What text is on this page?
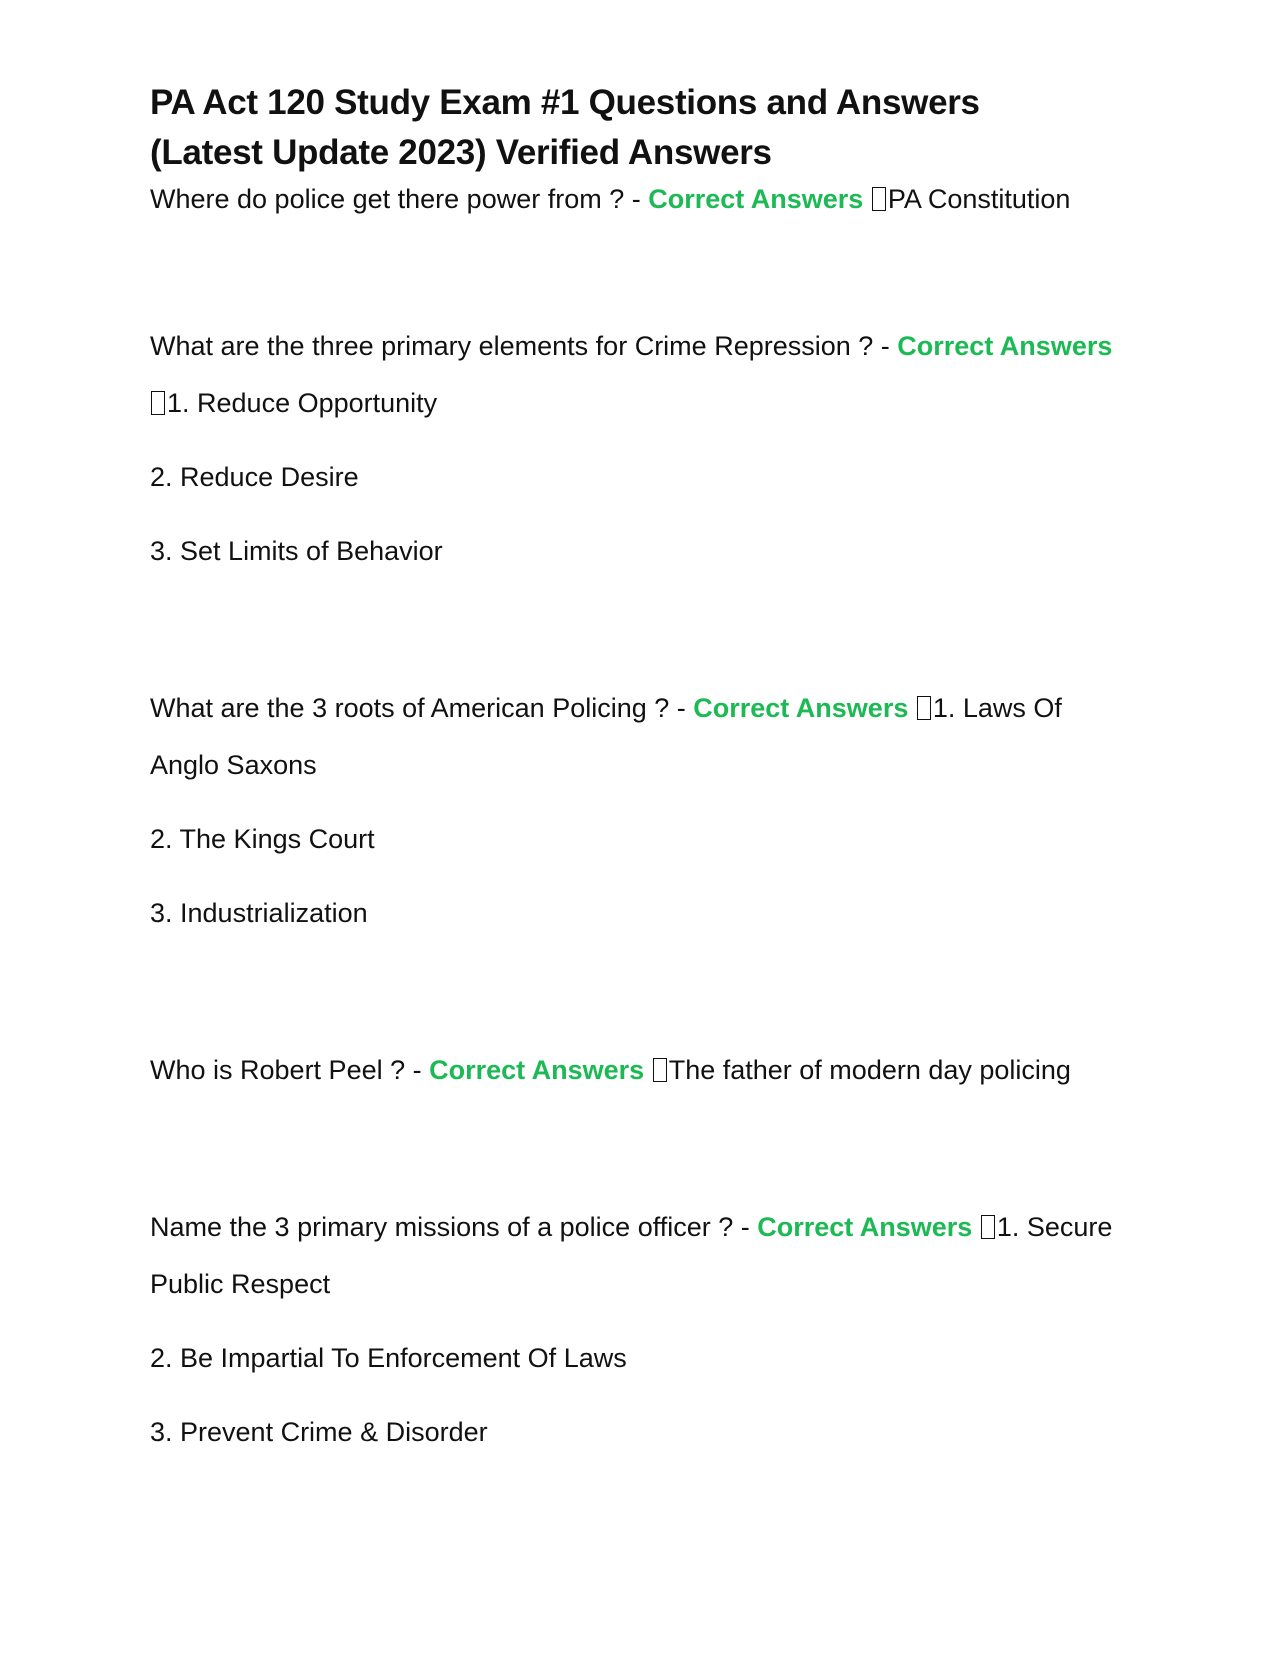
PA Act 120 Study Exam #1 Questions and Answers
(Latest Update 2023) Verified Answers

Where do police get there power from ? - Correct Answers PA Constitution

What are the three primary elements for Crime Repression ? - Correct Answers 1. Reduce Opportunity

2. Reduce Desire

3. Set Limits of Behavior

What are the 3 roots of American Policing ? - Correct Answers 1. Laws Of Anglo Saxons

2. The Kings Court

3. Industrialization

Who is Robert Peel ? - Correct Answers The father of modern day policing

Name the 3 primary missions of a police officer ? - Correct Answers 1. Secure Public Respect

2. Be Impartial To Enforcement Of Laws

3. Prevent Crime & Disorder
